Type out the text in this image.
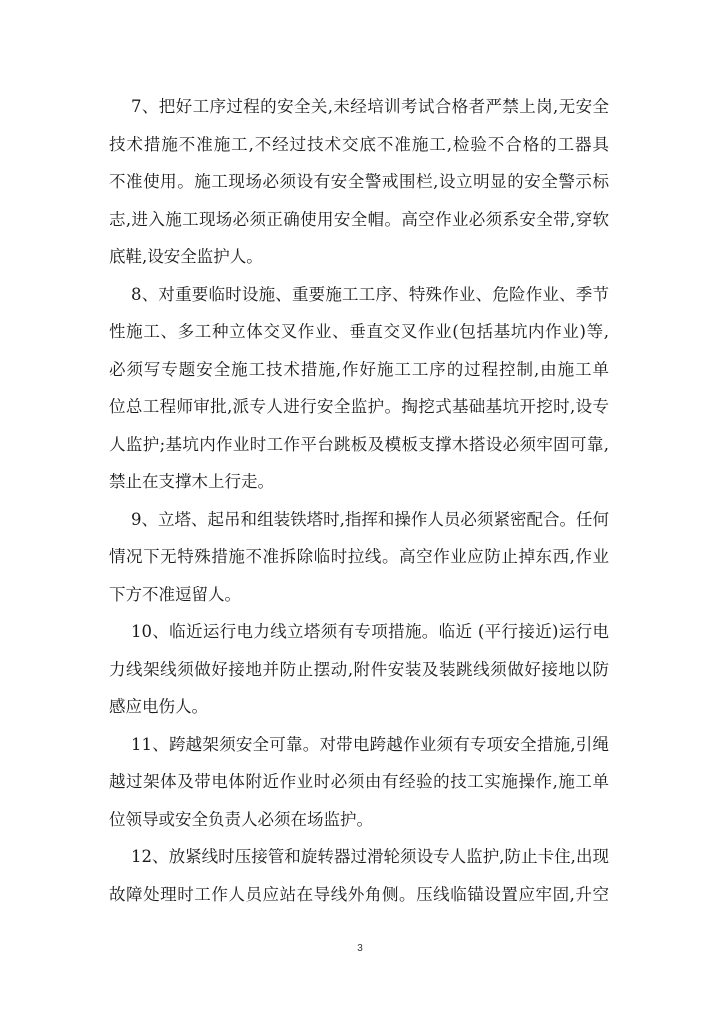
7、把好工序过程的安全关,未经培训考试合格者严禁上岗,无安全
技术措施不准施工,不经过技术交底不准施工,检验不合格的工器具
不准使用。施工现场必须设有安全警戒围栏,设立明显的安全警示标
志,进入施工现场必须正确使用安全帽。高空作业必须系安全带,穿软
底鞋,设安全监护人。
8、对重要临时设施、重要施工工序、特殊作业、危险作业、季节
性施工、多工种立体交叉作业、垂直交叉作业(包括基坑内作业)等,
必须写专题安全施工技术措施,作好施工工序的过程控制,由施工单
位总工程师审批,派专人进行安全监护。掏挖式基础基坑开挖时,设专
人监护;基坑内作业时工作平台跳板及模板支撑木搭设必须牢固可靠,
禁止在支撑木上行走。
9、立塔、起吊和组装铁塔时,指挥和操作人员必须紧密配合。任何
情况下无特殊措施不准拆除临时拉线。高空作业应防止掉东西,作业
下方不准逗留人。
10、临近运行电力线立塔须有专项措施。临近 (平行接近)运行电
力线架线须做好接地并防止摆动,附件安装及装跳线须做好接地以防
感应电伤人。
11、跨越架须安全可靠。对带电跨越作业须有专项安全措施,引绳
越过架体及带电体附近作业时必须由有经验的技工实施操作,施工单
位领导或安全负责人必须在场监护。
12、放紧线时压接管和旋转器过滑轮须设专人监护,防止卡住,出现
故障处理时工作人员应站在导线外角侧。压线临锚设置应牢固,升空
3
